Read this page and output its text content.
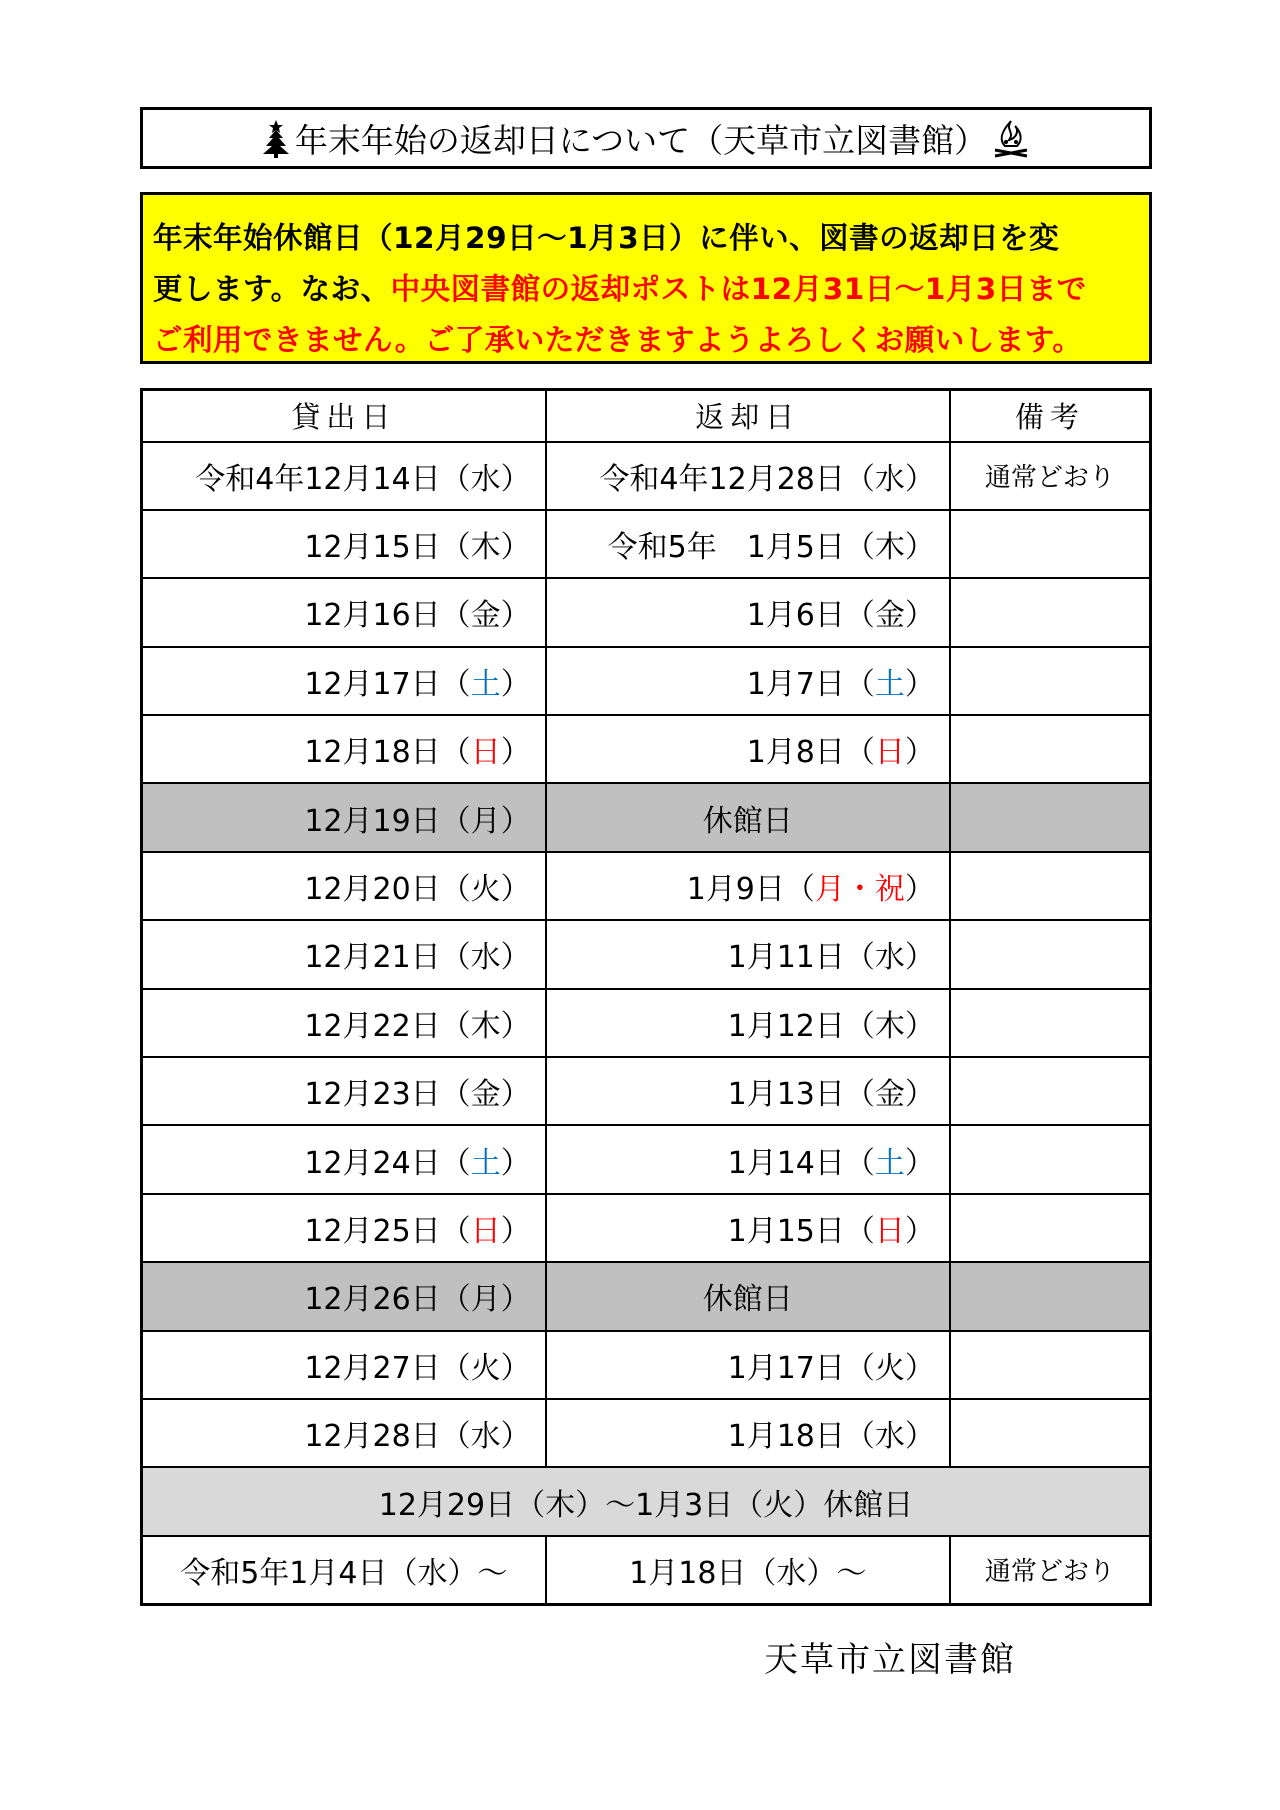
年末年始の返却日について（天草市立図書館）
年末年始休館日（12月29日～1月3日）に伴い、図書の返却日を変
更します。なお、中央図書館の返却ポストは12月31日～1月3日まで
ご利用できません。ご了承いただきますようよろしくお願いします。
貸出日	返却日	備考
令和4年12月14日（水）	令和4年12月28日（水）	通常どおり
12月15日（木）	令和5年　1月5日（木）	
12月16日（金）	1月6日（金）	
12月17日（土）	1月7日（土）	
12月18日（日）	1月8日（日）	
12月19日（月）	休館日	
12月20日（火）	1月9日（月・祝）	
12月21日（水）	1月11日（水）	
12月22日（木）	1月12日（木）	
12月23日（金）	1月13日（金）	
12月24日（土）	1月14日（土）	
12月25日（日）	1月15日（日）	
12月26日（月）	休館日	
12月27日（火）	1月17日（火）	
12月28日（水）	1月18日（水）	
12月29日（木）～1月3日（火）休館日		
令和5年1月4日（水）～	1月18日（水）～	通常どおり
天草市立図書館
